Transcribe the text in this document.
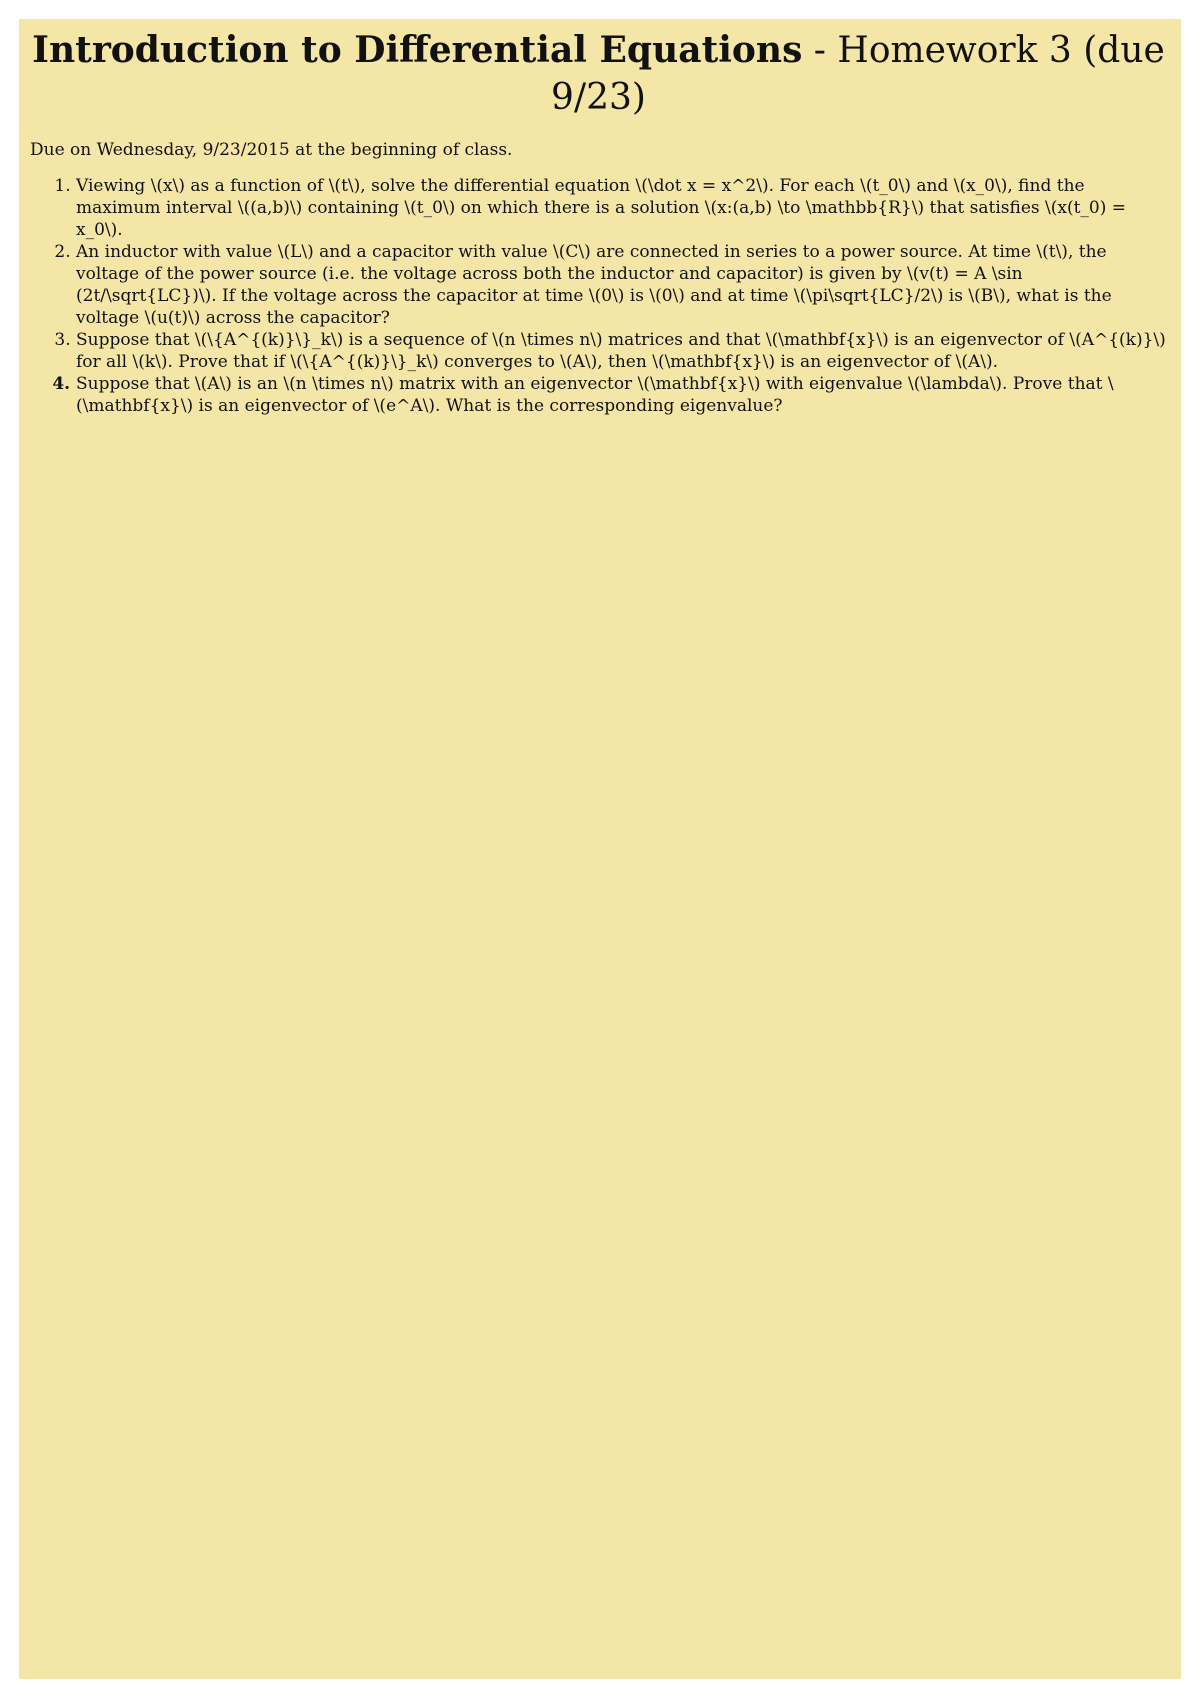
Introduction to Differential Equations - Homework 3 (due 9/23)

Due on Wednesday, 9/23/2015 at the beginning of class.

1. Viewing \(x\) as a function of \(t\), solve the differential equation \(\dot x = x^2\). For each \(t_0\) and \(x_0\), find the maximum interval \((a,b)\) containing \(t_0\) on which there is a solution \(x:(a,b) \to \mathbb{R}\) that satisfies \(x(t_0) = x_0\).
2. An inductor with value \(L\) and a capacitor with value \(C\) are connected in series to a power source. At time \(t\), the voltage of the power source (i.e. the voltage across both the inductor and capacitor) is given by \(v(t) = A \sin (2t/\sqrt{LC})\). If the voltage across the capacitor at time \(0\) is \(0\) and at time \(\pi\sqrt{LC}/2\) is \(B\), what is the voltage \(u(t)\) across the capacitor?
3. Suppose that \(\{A^{(k)}\}_k\) is a sequence of \(n \times n\) matrices and that \(\mathbf{x}\) is an eigenvector of \(A^{(k)}\) for all \(k\). Prove that if \(\{A^{(k)}\}_k\) converges to \(A\), then \(\mathbf{x}\) is an eigenvector of \(A\).
4. Suppose that \(A\) is an \(n \times n\) matrix with an eigenvector \(\mathbf{x}\) with eigenvalue \(\lambda\). Prove that \(\mathbf{x}\) is an eigenvector of \(e^A\). What is the corresponding eigenvalue?
